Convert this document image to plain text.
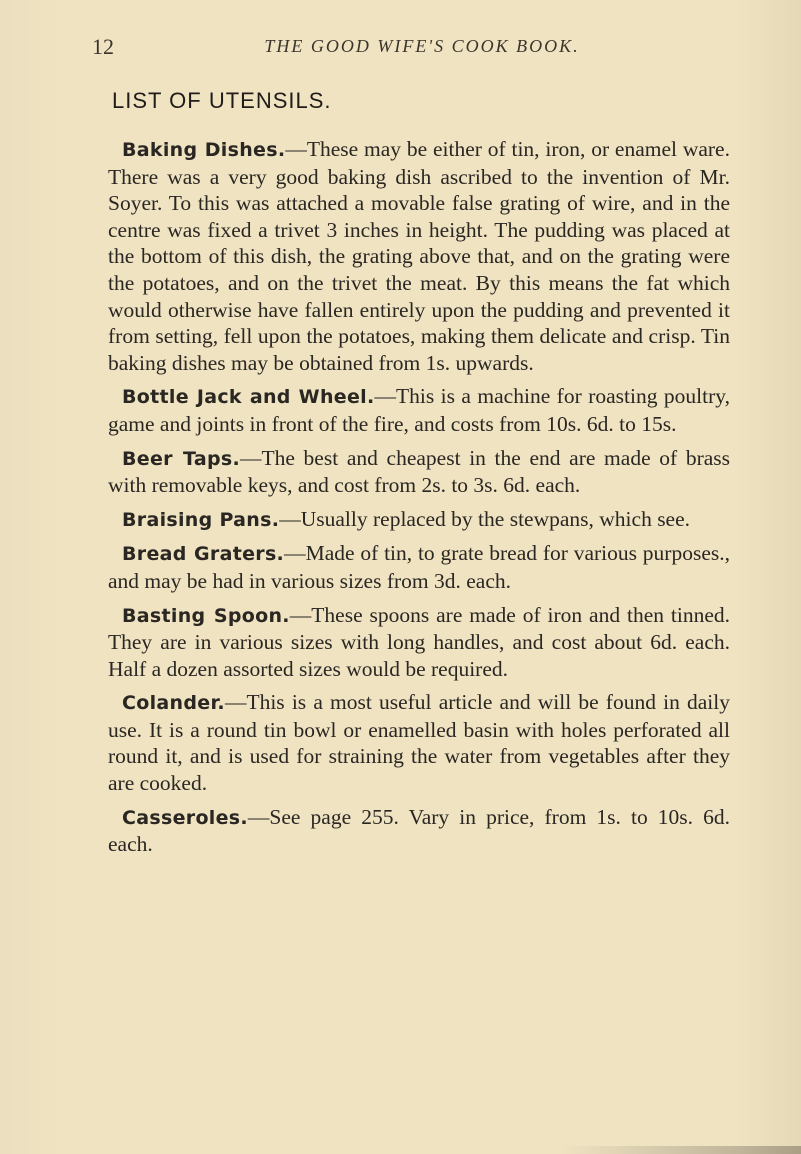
12	THE GOOD WIFE'S COOK BOOK.
LIST OF UTENSILS.

Baking Dishes.—These may be either of tin, iron, or enamel ware. There was a very good baking dish ascribed to the invention of Mr. Soyer. To this was attached a movable false grating of wire, and in the centre was fixed a trivet 3 inches in height. The pudding was placed at the bottom of this dish, the grating above that, and on the grating were the potatoes, and on the trivet the meat. By this means the fat which would otherwise have fallen entirely upon the pudding and prevented it from setting, fell upon the potatoes, making them delicate and crisp. Tin baking dishes may be obtained from 1s. upwards.

Bottle Jack and Wheel.—This is a machine for roasting poultry, game and joints in front of the fire, and costs from 10s. 6d. to 15s.

Beer Taps.—The best and cheapest in the end are made of brass with removable keys, and cost from 2s. to 3s. 6d. each.

Braising Pans.—Usually replaced by the stewpans, which see.

Bread Graters.—Made of tin, to grate bread for various purposes., and may be had in various sizes from 3d. each.

Basting Spoon.—These spoons are made of iron and then tinned. They are in various sizes with long handles, and cost about 6d. each. Half a dozen assorted sizes would be required.

Colander.—This is a most useful article and will be found in daily use. It is a round tin bowl or enamelled basin with holes perforated all round it, and is used for straining the water from vegetables after they are cooked.

Casseroles.—See page 255. Vary in price, from 1s. to 10s. 6d. each.
